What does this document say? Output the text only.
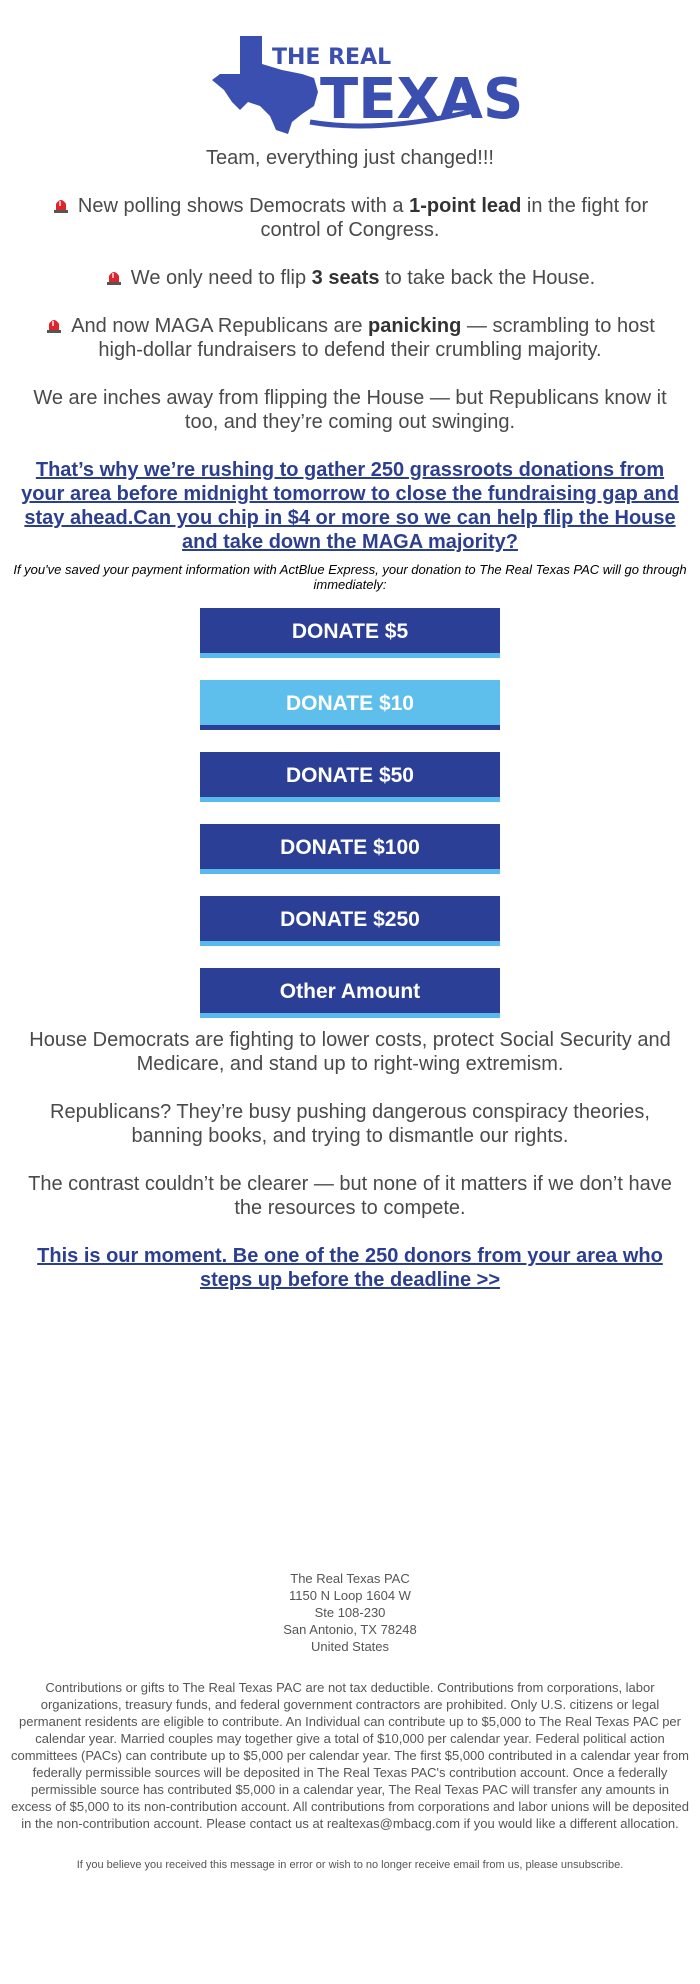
THE REAL
TEXAS
Team, everything just changed!!!
New polling shows Democrats with a 1-point lead in the fight for control of Congress.
We only need to flip 3 seats to take back the House.
And now MAGA Republicans are panicking — scrambling to host high-dollar fundraisers to defend their crumbling majority.
We are inches away from flipping the House — but Republicans know it too, and they’re coming out swinging.
That’s why we’re rushing to gather 250 grassroots donations from your area before midnight tomorrow to close the fundraising gap and stay ahead.Can you chip in $4 or more so we can help flip the House and take down the MAGA majority?
If you've saved your payment information with ActBlue Express, your donation to The Real Texas PAC will go through immediately:
DONATE $5
DONATE $10
DONATE $50
DONATE $100
DONATE $250
Other Amount
House Democrats are fighting to lower costs, protect Social Security and Medicare, and stand up to right-wing extremism.
Republicans? They’re busy pushing dangerous conspiracy theories, banning books, and trying to dismantle our rights.
The contrast couldn’t be clearer — but none of it matters if we don’t have the resources to compete.
This is our moment. Be one of the 250 donors from your area who steps up before the deadline >>
The Real Texas PAC
1150 N Loop 1604 W
Ste 108-230
San Antonio, TX 78248
United States
Contributions or gifts to The Real Texas PAC are not tax deductible. Contributions from corporations, labor organizations, treasury funds, and federal government contractors are prohibited. Only U.S. citizens or legal permanent residents are eligible to contribute. An Individual can contribute up to $5,000 to The Real Texas PAC per calendar year. Married couples may together give a total of $10,000 per calendar year. Federal political action committees (PACs) can contribute up to $5,000 per calendar year. The first $5,000 contributed in a calendar year from federally permissible sources will be deposited in The Real Texas PAC's contribution account. Once a federally permissible source has contributed $5,000 in a calendar year, The Real Texas PAC will transfer any amounts in excess of $5,000 to its non-contribution account. All contributions from corporations and labor unions will be deposited in the non-contribution account. Please contact us at realtexas@mbacg.com if you would like a different allocation.
If you believe you received this message in error or wish to no longer receive email from us, please unsubscribe.
